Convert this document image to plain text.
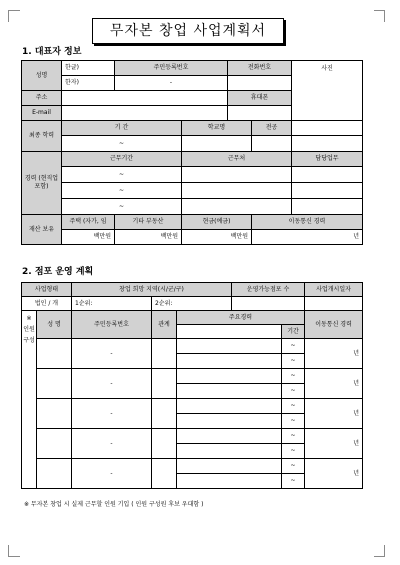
무자본 창업 사업계획서
1. 대표자 정보
성명	한글)	주민등록번호		전화번호		사진
	한자)	-				
주소				휴대폰		
E-mail						
최종 학력	기 간		학교명		전공	
	~					
경력 (현직업 포함)	근무기간		근무처			담당업무
	~					
	~					
	~					
재산 보유	주택 (자가, 임	기타 부동산	현금(예금)		이동통신 경력	
	백만원	백만원	백만원		년	
2. 점포 운영 계획
사업형태		창업 희망 지역(시/군/구)			운영가능점포 수		사업개시일자
법인 / 개		1순위:	2순위:				
※ 인원구성	성 명	주민등록번호	관계	주요경력			이동통신 경력
						기간	
		-				~	년
						~	
		-				~	년
						~	
		-				~	년
						~	
		-				~	년
						~	
		-				~	년
						~	
※ 무자본 창업 시 실제 근무할 인원 기입 ( 인원 구성원 후보 우대함 )
